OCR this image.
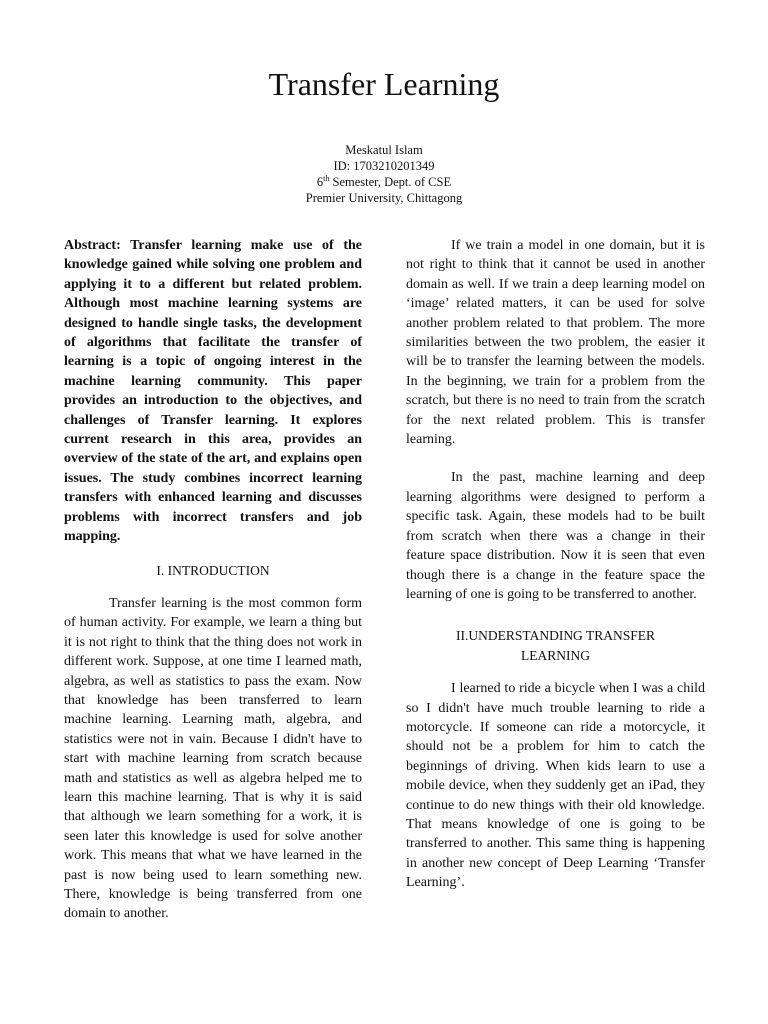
Transfer Learning
Meskatul Islam
ID: 1703210201349
6th Semester, Dept. of CSE
Premier University, Chittagong

Abstract: Transfer learning make use of the knowledge gained while solving one problem and applying it to a different but related problem. Although most machine learning systems are designed to handle single tasks, the development of algorithms that facilitate the transfer of learning is a topic of ongoing interest in the machine learning community. This paper provides an introduction to the objectives, and challenges of Transfer learning. It explores current research in this area, provides an overview of the state of the art, and explains open issues. The study combines incorrect learning transfers with enhanced learning and discusses problems with incorrect transfers and job mapping.

I. INTRODUCTION

Transfer learning is the most common form of human activity. For example, we learn a thing but it is not right to think that the thing does not work in different work. Suppose, at one time I learned math, algebra, as well as statistics to pass the exam. Now that knowledge has been transferred to learn machine learning. Learning math, algebra, and statistics were not in vain. Because I didn't have to start with machine learning from scratch because math and statistics as well as algebra helped me to learn this machine learning. That is why it is said that although we learn something for a work, it is seen later this knowledge is used for solve another work. This means that what we have learned in the past is now being used to learn something new. There, knowledge is being transferred from one domain to another.

If we train a model in one domain, but it is not right to think that it cannot be used in another domain as well. If we train a deep learning model on ‘image’ related matters, it can be used for solve another problem related to that problem. The more similarities between the two problem, the easier it will be to transfer the learning between the models. In the beginning, we train for a problem from the scratch, but there is no need to train from the scratch for the next related problem. This is transfer learning.

In the past, machine learning and deep learning algorithms were designed to perform a specific task. Again, these models had to be built from scratch when there was a change in their feature space distribution. Now it is seen that even though there is a change in the feature space the learning of one is going to be transferred to another.

II.UNDERSTANDING TRANSFER
LEARNING

I learned to ride a bicycle when I was a child so I didn't have much trouble learning to ride a motorcycle. If someone can ride a motorcycle, it should not be a problem for him to catch the beginnings of driving. When kids learn to use a mobile device, when they suddenly get an iPad, they continue to do new things with their old knowledge. That means knowledge of one is going to be transferred to another. This same thing is happening in another new concept of Deep Learning ‘Transfer Learning’.
